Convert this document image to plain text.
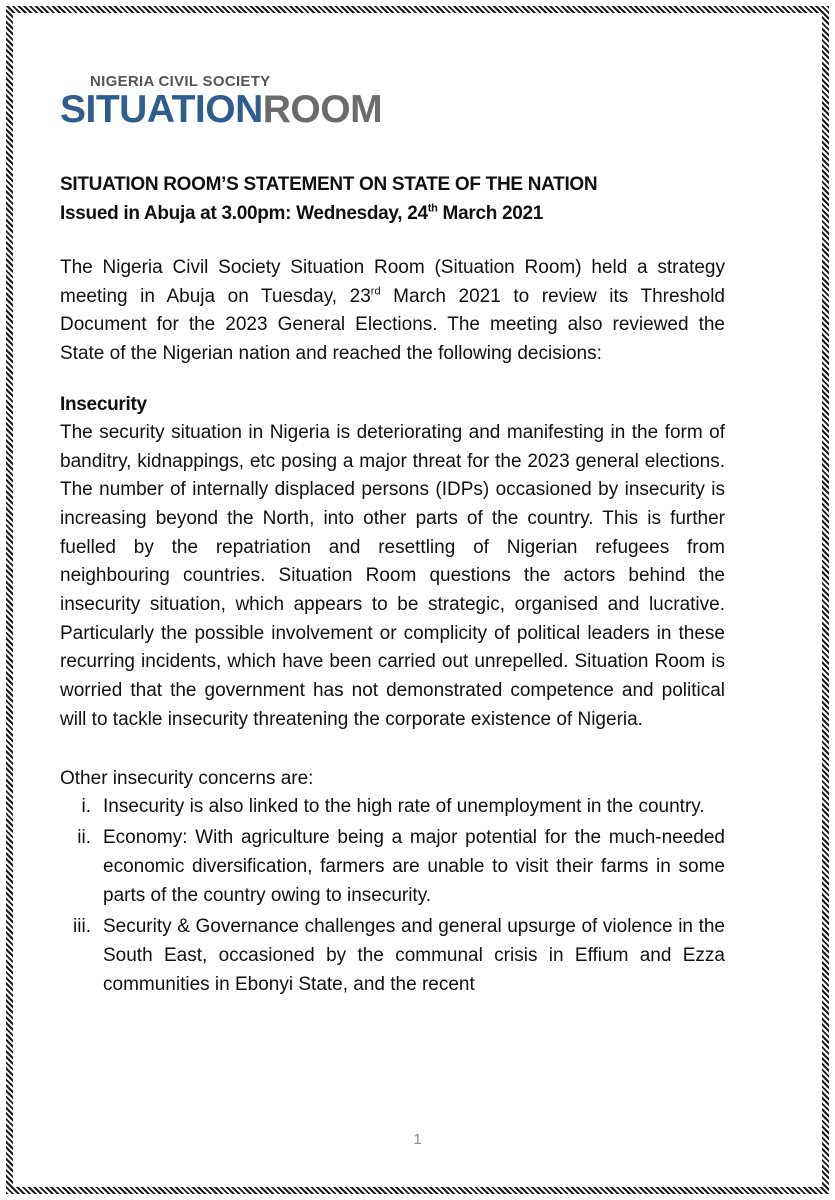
NIGERIA CIVIL SOCIETY
SITUATIONROOM

SITUATION ROOM’S STATEMENT ON STATE OF THE NATION

Issued in Abuja at 3.00pm: Wednesday, 24th March 2021

The Nigeria Civil Society Situation Room (Situation Room) held a strategy meeting in Abuja on Tuesday, 23rd March 2021 to review its Threshold Document for the 2023 General Elections. The meeting also reviewed the State of the Nigerian nation and reached the following decisions:

Insecurity

The security situation in Nigeria is deteriorating and manifesting in the form of banditry, kidnappings, etc posing a major threat for the 2023 general elections. The number of internally displaced persons (IDPs) occasioned by insecurity is increasing beyond the North, into other parts of the country. This is further fuelled by the repatriation and resettling of Nigerian refugees from neighbouring countries. Situation Room questions the actors behind the insecurity situation, which appears to be strategic, organised and lucrative. Particularly the possible involvement or complicity of political leaders in these recurring incidents, which have been carried out unrepelled. Situation Room is worried that the government has not demonstrated competence and political will to tackle insecurity threatening the corporate existence of Nigeria.

Other insecurity concerns are:
i. Insecurity is also linked to the high rate of unemployment in the country.
ii. Economy: With agriculture being a major potential for the much-needed economic diversification, farmers are unable to visit their farms in some parts of the country owing to insecurity.
iii. Security & Governance challenges and general upsurge of violence in the South East, occasioned by the communal crisis in Effium and Ezza communities in Ebonyi State, and the recent
1
